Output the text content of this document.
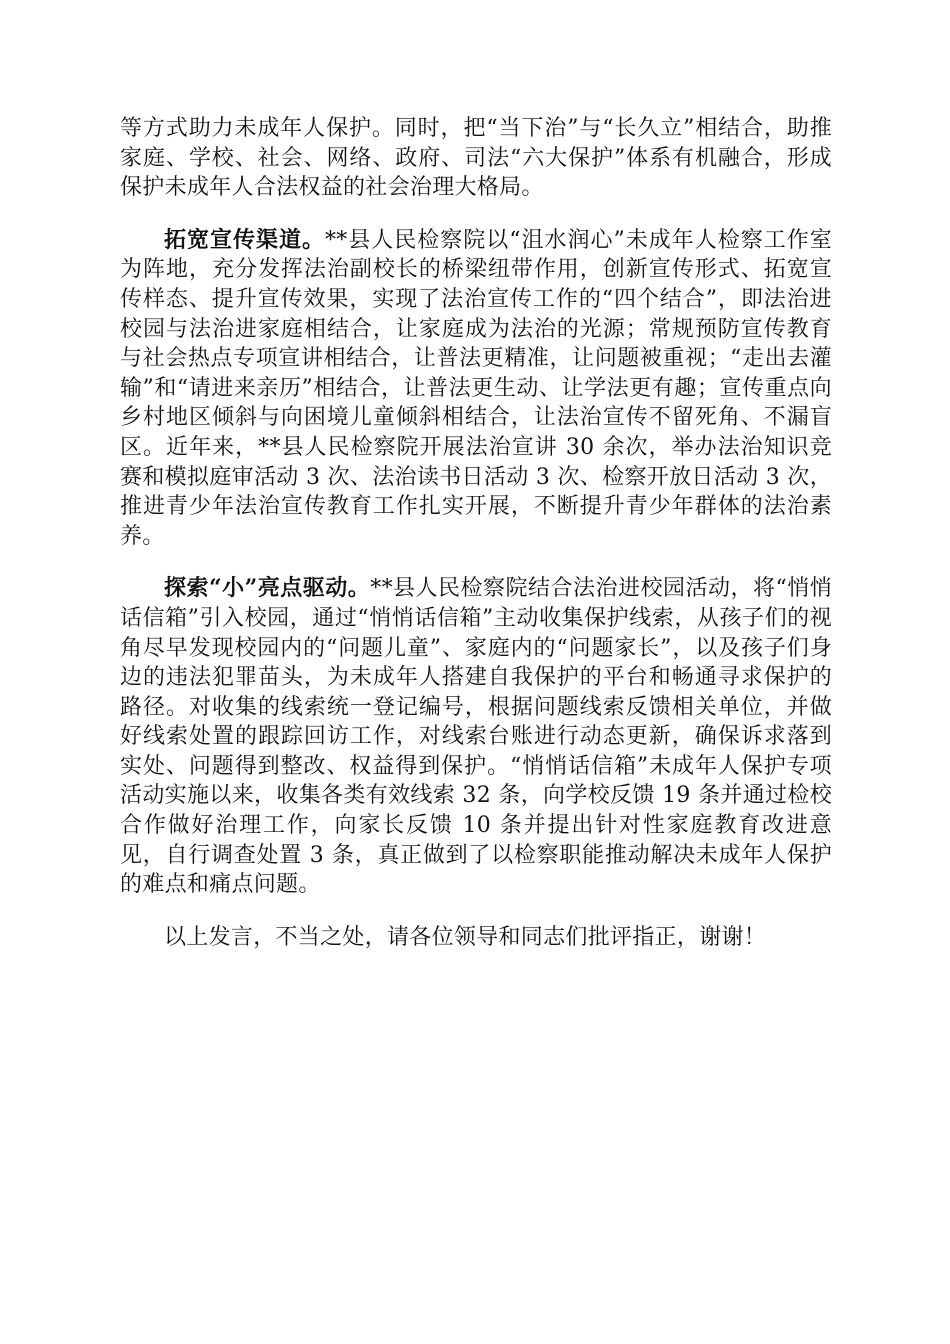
等方式助力未成年人保护。同时，把“当下治”与“长久立”相结合，助推家庭、学校、社会、网络、政府、司法“六大保护”体系有机融合，形成保护未成年人合法权益的社会治理大格局。

拓宽宣传渠道。**县人民检察院以“沮水润心”未成年人检察工作室为阵地，充分发挥法治副校长的桥梁纽带作用，创新宣传形式、拓宽宣传样态、提升宣传效果，实现了法治宣传工作的“四个结合”，即法治进校园与法治进家庭相结合，让家庭成为法治的光源；常规预防宣传教育与社会热点专项宣讲相结合，让普法更精准，让问题被重视；“走出去灌输”和“请进来亲历”相结合，让普法更生动、让学法更有趣；宣传重点向乡村地区倾斜与向困境儿童倾斜相结合，让法治宣传不留死角、不漏盲区。近年来，**县人民检察院开展法治宣讲 30 余次，举办法治知识竞赛和模拟庭审活动 3 次、法治读书日活动 3 次、检察开放日活动 3 次，推进青少年法治宣传教育工作扎实开展，不断提升青少年群体的法治素养。

探索“小”亮点驱动。**县人民检察院结合法治进校园活动，将“悄悄话信箱”引入校园，通过“悄悄话信箱”主动收集保护线索，从孩子们的视角尽早发现校园内的“问题儿童”、家庭内的“问题家长”，以及孩子们身边的违法犯罪苗头，为未成年人搭建自我保护的平台和畅通寻求保护的路径。对收集的线索统一登记编号，根据问题线索反馈相关单位，并做好线索处置的跟踪回访工作，对线索台账进行动态更新，确保诉求落到实处、问题得到整改、权益得到保护。“悄悄话信箱”未成年人保护专项活动实施以来，收集各类有效线索 32 条，向学校反馈 19 条并通过检校合作做好治理工作，向家长反馈 10 条并提出针对性家庭教育改进意见，自行调查处置 3 条，真正做到了以检察职能推动解决未成年人保护的难点和痛点问题。

以上发言，不当之处，请各位领导和同志们批评指正，谢谢！
